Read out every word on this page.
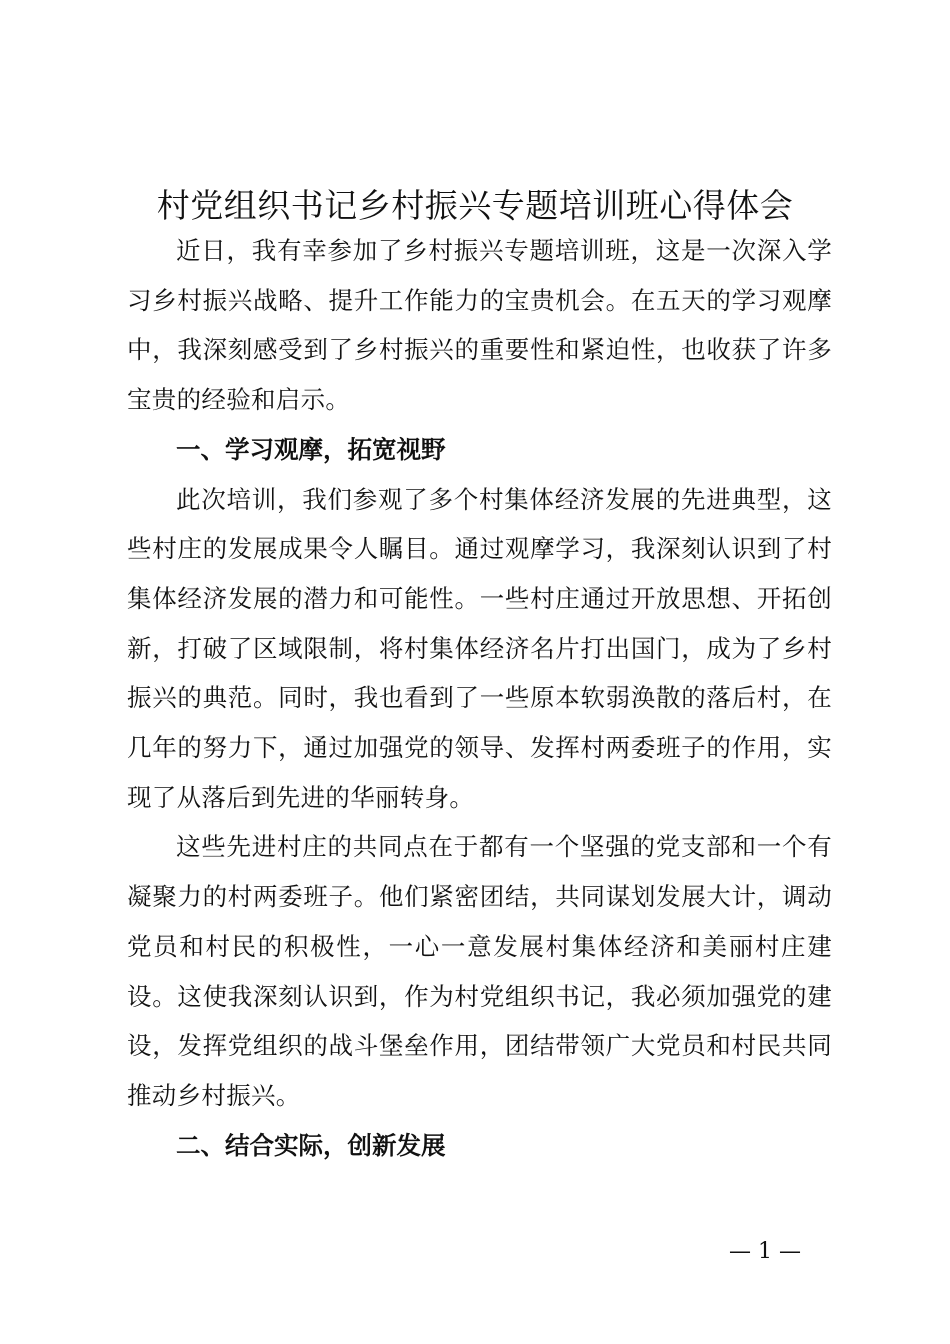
村党组织书记乡村振兴专题培训班心得体会

近日，我有幸参加了乡村振兴专题培训班，这是一次深入学习乡村振兴战略、提升工作能力的宝贵机会。在五天的学习观摩中，我深刻感受到了乡村振兴的重要性和紧迫性，也收获了许多宝贵的经验和启示。

一、学习观摩，拓宽视野

此次培训，我们参观了多个村集体经济发展的先进典型，这些村庄的发展成果令人瞩目。通过观摩学习，我深刻认识到了村集体经济发展的潜力和可能性。一些村庄通过开放思想、开拓创新，打破了区域限制，将村集体经济名片打出国门，成为了乡村振兴的典范。同时，我也看到了一些原本软弱涣散的落后村，在几年的努力下，通过加强党的领导、发挥村两委班子的作用，实现了从落后到先进的华丽转身。

这些先进村庄的共同点在于都有一个坚强的党支部和一个有凝聚力的村两委班子。他们紧密团结，共同谋划发展大计，调动党员和村民的积极性，一心一意发展村集体经济和美丽村庄建设。这使我深刻认识到，作为村党组织书记，我必须加强党的建设，发挥党组织的战斗堡垒作用，团结带领广大党员和村民共同推动乡村振兴。

二、结合实际，创新发展

— 1 —
